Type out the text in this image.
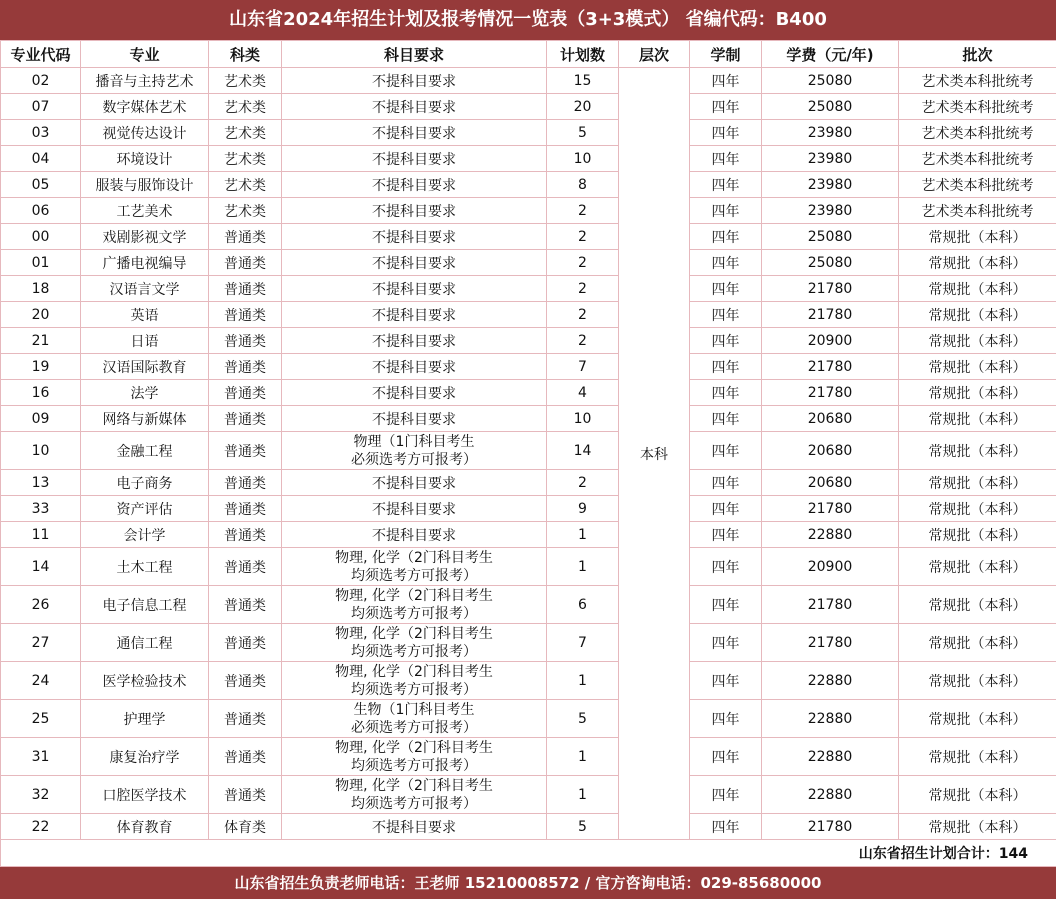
山东省2024年招生计划及报考情况一览表（3+3模式） 省编代码：B400
专业代码	专业	科类	科目要求	计划数	层次	学制	学费（元/年)	批次
02	播音与主持艺术	艺术类	不提科目要求	15	本科	四年	25080	艺术类本科批统考
07	数字媒体艺术	艺术类	不提科目要求	20		四年	25080	艺术类本科批统考
03	视觉传达设计	艺术类	不提科目要求	5		四年	23980	艺术类本科批统考
04	环境设计	艺术类	不提科目要求	10		四年	23980	艺术类本科批统考
05	服装与服饰设计	艺术类	不提科目要求	8		四年	23980	艺术类本科批统考
06	工艺美术	艺术类	不提科目要求	2		四年	23980	艺术类本科批统考
00	戏剧影视文学	普通类	不提科目要求	2		四年	25080	常规批（本科）
01	广播电视编导	普通类	不提科目要求	2		四年	25080	常规批（本科）
18	汉语言文学	普通类	不提科目要求	2		四年	21780	常规批（本科）
20	英语	普通类	不提科目要求	2		四年	21780	常规批（本科）
21	日语	普通类	不提科目要求	2		四年	20900	常规批（本科）
19	汉语国际教育	普通类	不提科目要求	7		四年	21780	常规批（本科）
16	法学	普通类	不提科目要求	4		四年	21780	常规批（本科）
09	网络与新媒体	普通类	不提科目要求	10		四年	20680	常规批（本科）
10	金融工程	普通类	物理（1门科目考生
必须选考方可报考）	14		四年	20680	常规批（本科）
13	电子商务	普通类	不提科目要求	2		四年	20680	常规批（本科）
33	资产评估	普通类	不提科目要求	9		四年	21780	常规批（本科）
11	会计学	普通类	不提科目要求	1		四年	22880	常规批（本科）
14	土木工程	普通类	物理, 化学（2门科目考生
均须选考方可报考）	1		四年	20900	常规批（本科）
26	电子信息工程	普通类	物理, 化学（2门科目考生
均须选考方可报考）	6		四年	21780	常规批（本科）
27	通信工程	普通类	物理, 化学（2门科目考生
均须选考方可报考）	7		四年	21780	常规批（本科）
24	医学检验技术	普通类	物理, 化学（2门科目考生
均须选考方可报考）	1		四年	22880	常规批（本科）
25	护理学	普通类	生物（1门科目考生
必须选考方可报考）	5		四年	22880	常规批（本科）
31	康复治疗学	普通类	物理, 化学（2门科目考生
均须选考方可报考）	1		四年	22880	常规批（本科）
32	口腔医学技术	普通类	物理, 化学（2门科目考生
均须选考方可报考）	1		四年	22880	常规批（本科）
22	体育教育	体育类	不提科目要求	5		四年	21780	常规批（本科）
山东省招生计划合计：144								
山东省招生负责老师电话：王老师 15210008572 / 官方咨询电话：029-85680000
